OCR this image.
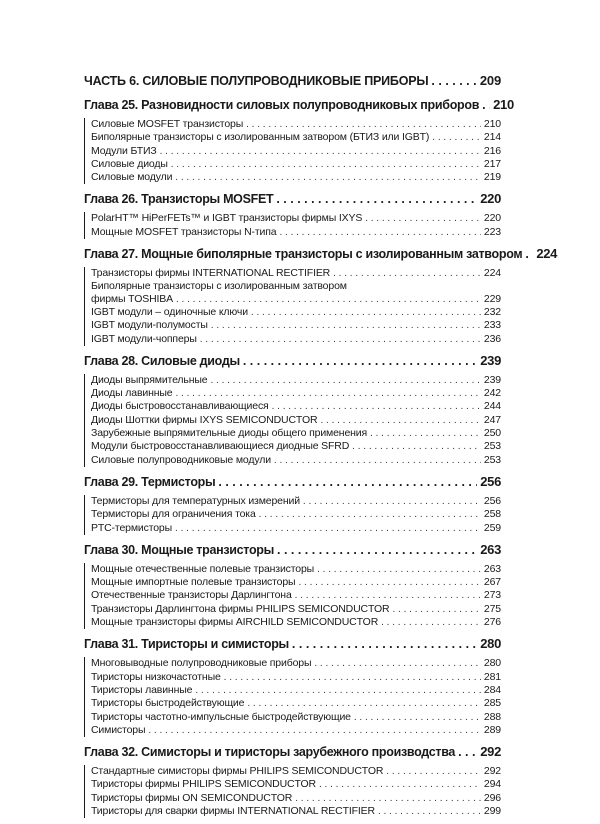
ЧАСТЬ 6. СИЛОВЫЕ ПОЛУПРОВОДНИКОВЫЕ ПРИБОРЫ . . .	209
Глава 25. Разновидности силовых полупроводниковых приборов . . . 210
Силовые MOSFET транзисторы . . .	210
Биполярные транзисторы с изолированным затвором (БТИЗ или IGBT) . . .	214
Модули БТИЗ . . .	216
Силовые диоды . . .	217
Силовые модули . . .	219
Глава 26. Транзисторы MOSFET . . .	220
PolarHT™ HiPerFETs™ и IGBT транзисторы фирмы IXYS . . .	220
Мощные MOSFET транзисторы N-типа . . .	223
Глава 27. Мощные биполярные транзисторы с изолированным затвором . . . 224
Транзисторы фирмы INTERNATIONAL RECTIFIER . . .	224
Биполярные транзисторы с изолированным затвором
фирмы TOSHIBA . . .	229
IGBT модули – одиночные ключи . . .	232
IGBT модули-полумосты . . .	233
IGBT модули-чопперы . . .	236
Глава 28. Силовые диоды . . .	239
Диоды выпрямительные . . .	239
Диоды лавинные . . .	242
Диоды быстровосстанавливающиеся . . .	244
Диоды Шоттки фирмы IXYS SEMICONDUCTOR . . .	247
Зарубежные выпрямительные диоды общего применения . . .	250
Модули быстровосстанавливающиеся диодные SFRD . . .	253
Силовые полупроводниковые модули . . .	253
Глава 29. Термисторы . . .	256
Термисторы для температурных измерений . . .	256
Термисторы для ограничения тока . . .	258
PTC-термисторы . . .	259
Глава 30. Мощные транзисторы . . .	263
Мощные отечественные полевые транзисторы . . .	263
Мощные импортные полевые транзисторы . . .	267
Отечественные транзисторы Дарлингтона . . .	273
Транзисторы Дарлингтона фирмы PHILIPS SEMICONDUCTOR . . .	275
Мощные транзисторы фирмы AIRCHILD SEMICONDUCTOR . . .	276
Глава 31. Тиристоры и симисторы . . .	280
Многовыводные полупроводниковые приборы . . .	280
Тиристоры низкочастотные . . .	281
Тиристоры лавинные . . .	284
Тиристоры быстродействующие . . .	285
Тиристоры частотно-импульсные быстродействующие . . .	288
Симисторы . . .	289
Глава 32. Симисторы и тиристоры зарубежного производства . . . 292
Стандартные симисторы фирмы PHILIPS SEMICONDUCTOR . . .	292
Тиристоры фирмы PHILIPS SEMICONDUCTOR . . .	294
Тиристоры фирмы ON SEMICONDUCTOR . . .	296
Тиристоры для сварки фирмы INTERNATIONAL RECTIFIER . . .	299
